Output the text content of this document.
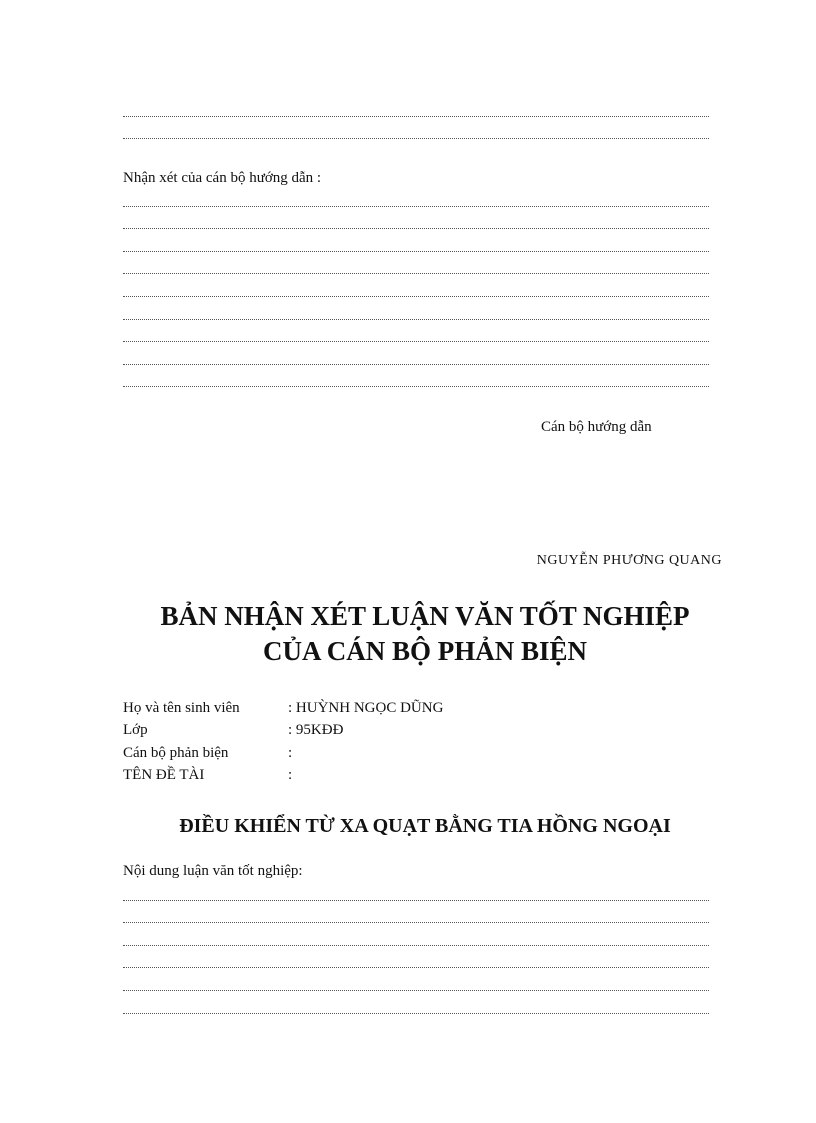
Nhận xét của cán bộ hướng dẫn :
Cán bộ hướng dẫn
NGUYỄN PHƯƠNG QUANG
BẢN NHẬN XÉT LUẬN VĂN TỐT NGHIỆP
CỦA CÁN BỘ PHẢN BIỆN
Họ và tên sinh viên	: HUỲNH NGỌC DŨNG
Lớp	: 95KĐĐ
Cán bộ phản biện	:
TÊN ĐỀ TÀI	:
ĐIỀU KHIỂN TỪ XA QUẠT BẰNG TIA HỒNG NGOẠI
Nội dung luận văn tốt nghiệp:
